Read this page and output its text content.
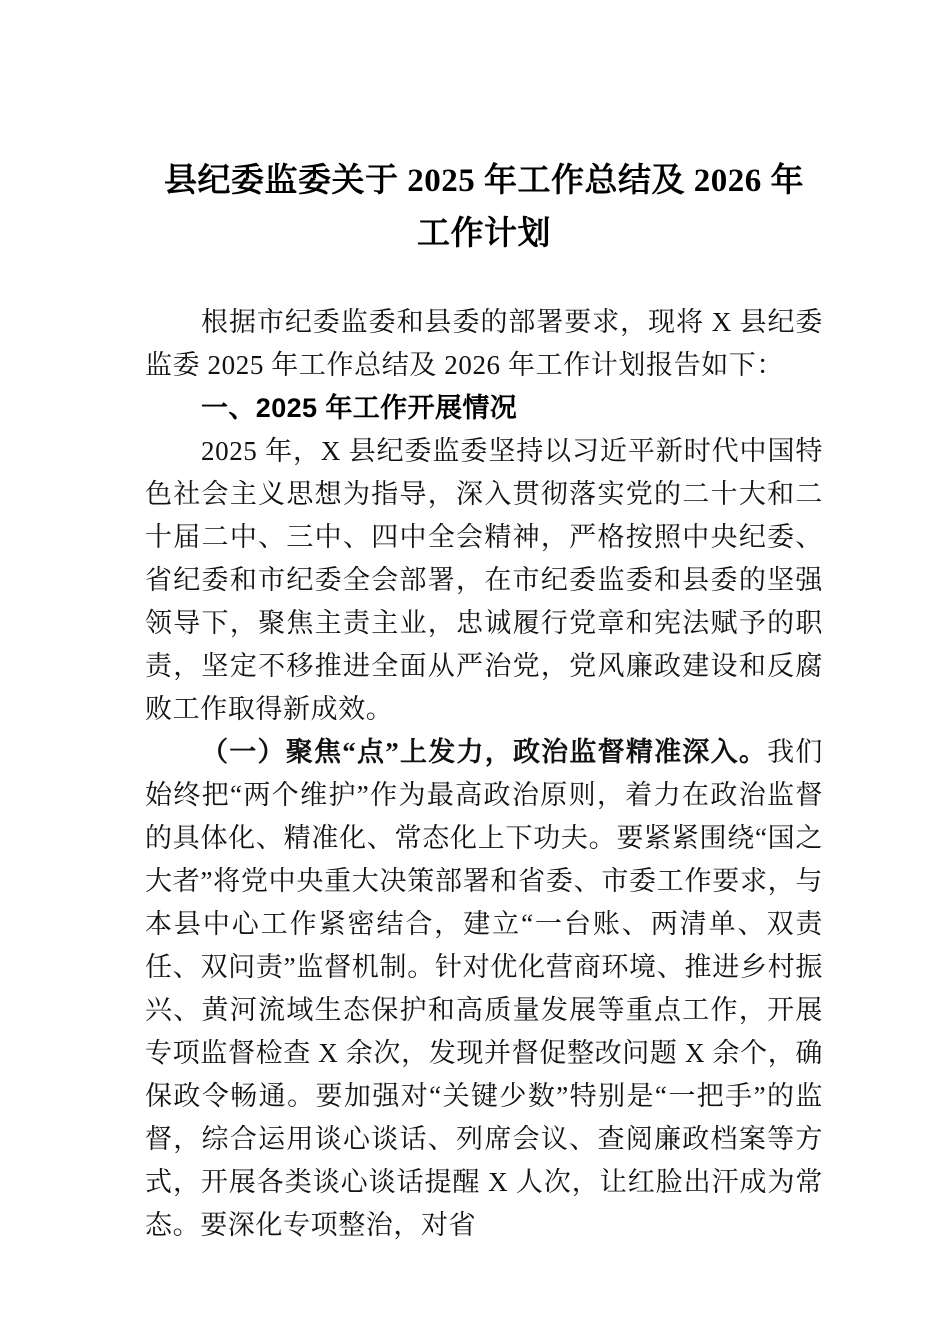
县纪委监委关于 2025 年工作总结及 2026 年
工作计划

根据市纪委监委和县委的部署要求，现将 X 县纪委监委 2025 年工作总结及 2026 年工作计划报告如下：

一、2025 年工作开展情况

2025 年，X 县纪委监委坚持以习近平新时代中国特色社会主义思想为指导，深入贯彻落实党的二十大和二十届二中、三中、四中全会精神，严格按照中央纪委、省纪委和市纪委全会部署，在市纪委监委和县委的坚强领导下，聚焦主责主业，忠诚履行党章和宪法赋予的职责，坚定不移推进全面从严治党，党风廉政建设和反腐败工作取得新成效。

（一）聚焦“点”上发力，政治监督精准深入。我们始终把“两个维护”作为最高政治原则，着力在政治监督的具体化、精准化、常态化上下功夫。要紧紧围绕“国之大者”将党中央重大决策部署和省委、市委工作要求，与本县中心工作紧密结合，建立“一台账、两清单、双责任、双问责”监督机制。针对优化营商环境、推进乡村振兴、黄河流域生态保护和高质量发展等重点工作，开展专项监督检查 X 余次，发现并督促整改问题 X 余个，确保政令畅通。要加强对“关键少数”特别是“一把手”的监督，综合运用谈心谈话、列席会议、查阅廉政档案等方式，开展各类谈心谈话提醒 X 人次，让红脸出汗成为常态。要深化专项整治，对省
